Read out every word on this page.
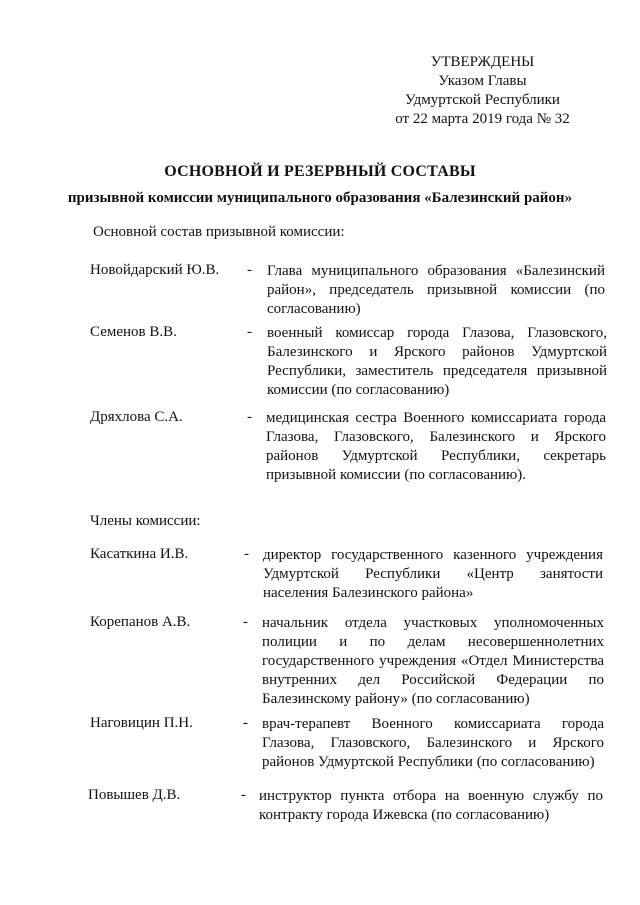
УТВЕРЖДЕНЫ
Указом Главы
Удмуртской Республики
от 22 марта 2019 года № 32
ОСНОВНОЙ И РЕЗЕРВНЫЙ СОСТАВЫ
призывной комиссии муниципального образования «Балезинский район»
Основной состав призывной комиссии:
Новойдарский Ю.В. - Глава муниципального образования «Балезинский район», председатель призывной комиссии (по согласованию)
Семенов В.В.	- военный комиссар города Глазова, Глазовского, Балезинского и Ярского районов Удмуртской Республики, заместитель председателя призывной комиссии (по согласованию)
Дряхлова С.А.	- медицинская сестра Военного комиссариата города Глазова, Глазовского, Балезинского и Ярского районов Удмуртской Республики, секретарь призывной комиссии (по согласованию).
Члены комиссии:
Касаткина И.В.	- директор государственного казенного учреждения Удмуртской Республики «Центр занятости населения Балезинского района»
Корепанов А.В.	- начальник отдела участковых уполномоченных полиции и по делам несовершеннолетних государственного учреждения «Отдел Министерства внутренних дел Российской Федерации по Балезинскому району» (по согласованию)
Наговицин П.Н.	- врач-терапевт Военного комиссариата города Глазова, Глазовского, Балезинского и Ярского районов Удмуртской Республики (по согласованию)
Повышев Д.В.	- инструктор пункта отбора на военную службу по контракту города Ижевска (по согласованию)
